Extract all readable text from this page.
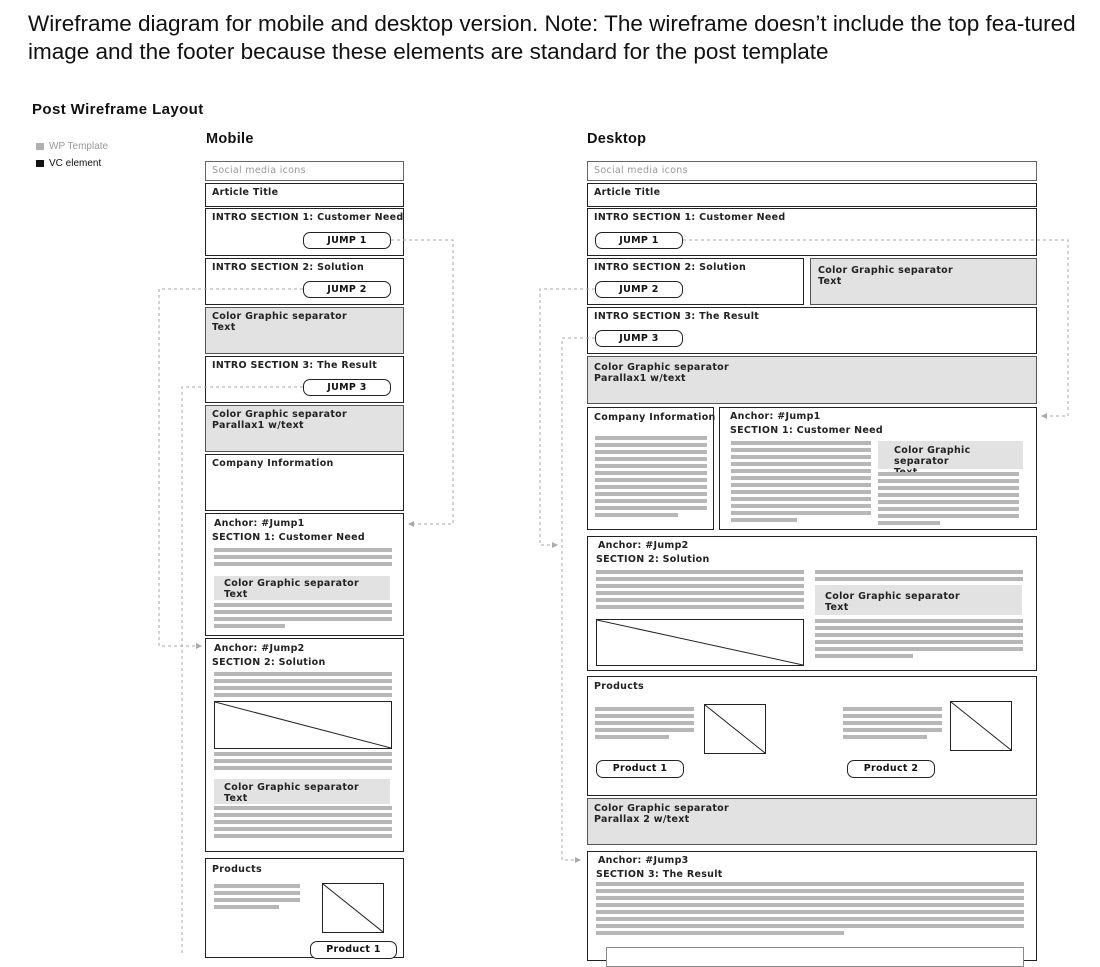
Wireframe diagram for mobile and desktop version. Note: The wireframe doesn’t include the top fea-tured image and the footer because these elements are standard for the post template

Post Wireframe Layout
WP Template
VC element
Mobile
Social media icons
Article Title
INTRO SECTION 1: Customer Need
JUMP 1
INTRO SECTION 2: Solution
JUMP 2
Color Graphic separator
Text
INTRO SECTION 3: The Result
JUMP 3
Color Graphic separator
Parallax1 w/text
Company Information
Anchor: #Jump1
SECTION 1: Customer Need
Color Graphic separator
Text
Anchor: #Jump2
SECTION 2: Solution
Color Graphic separator
Text
Products
Product 1
Desktop
Social media icons
Article Title
INTRO SECTION 1: Customer Need
JUMP 1
INTRO SECTION 2: Solution
JUMP 2
Color Graphic separator
Text
INTRO SECTION 3: The Result
JUMP 3
Color Graphic separator
Parallax1 w/text
Company Information Anchor: #Jump1
SECTION 1: Customer Need
Color Graphic separator
Anchor: #Jump2
SECTION 2: Solution
Color Graphic separator
Text
Products
Product 1	Product 2
Color Graphic separator
Parallax 2 w/text
Anchor: #Jump3
SECTION 3: The Result
